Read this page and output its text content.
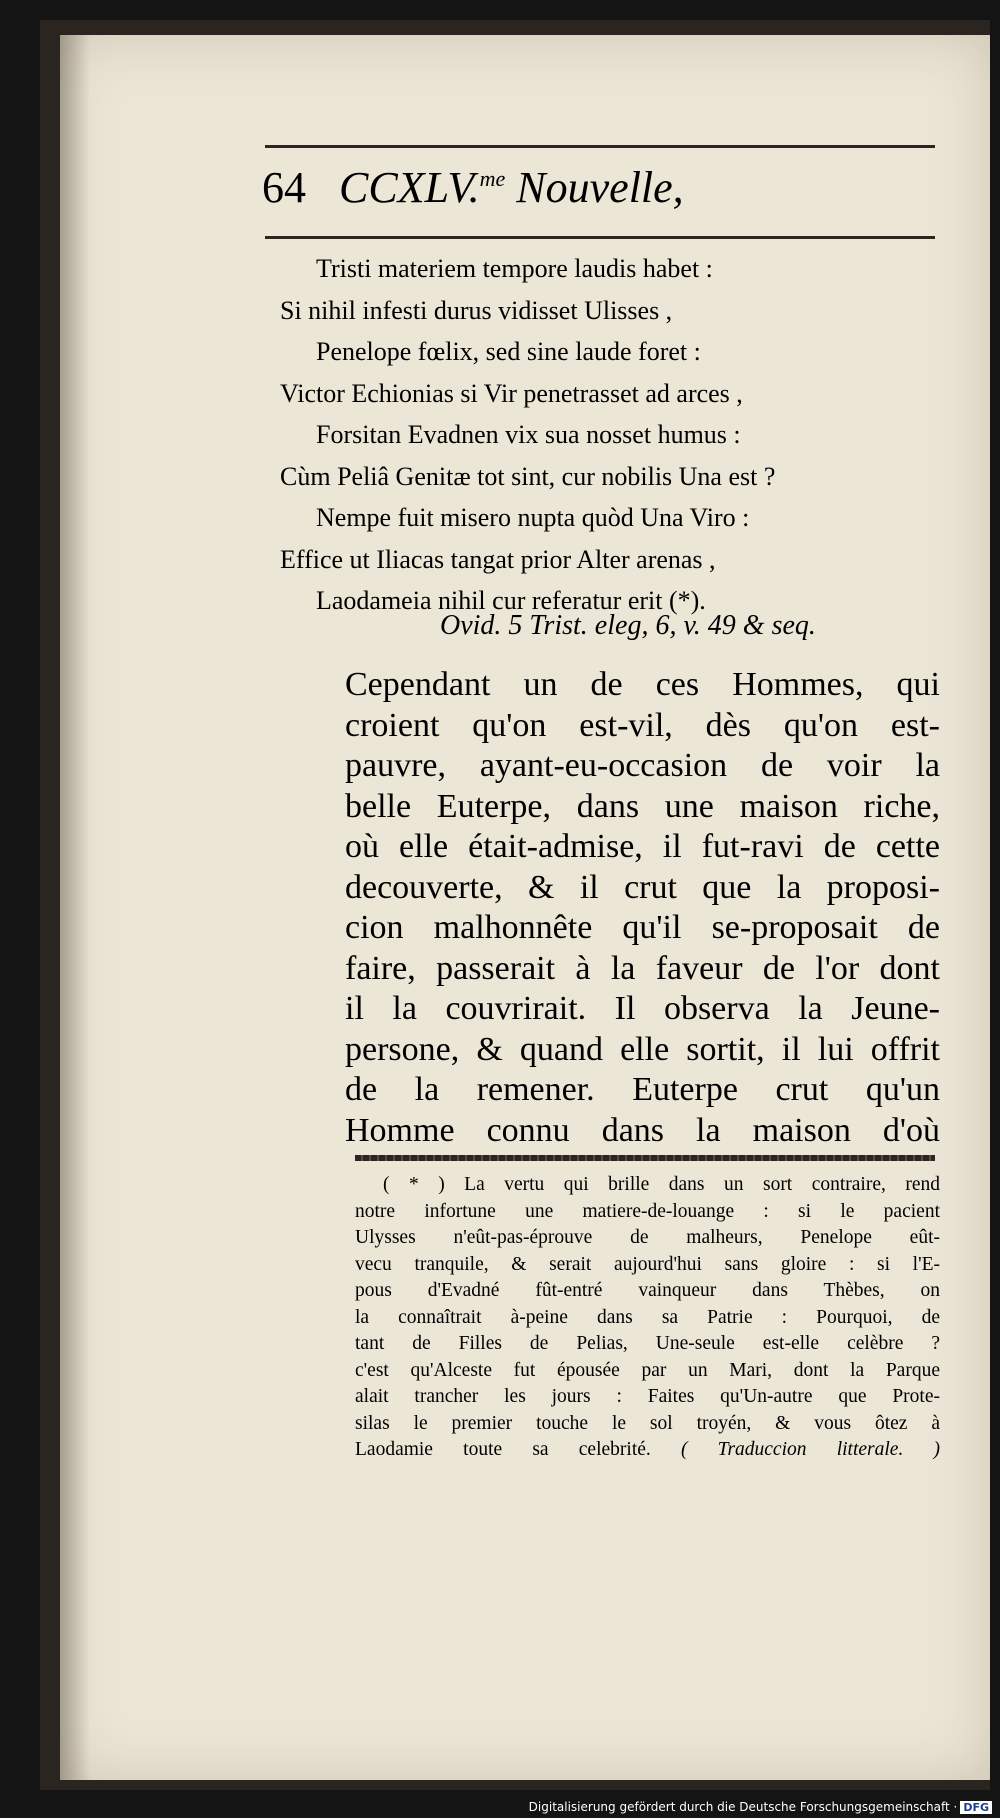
64 CCXLV.$^{me}$ Nouvelle,
Tristi materiem tempore laudis habet :
Si nihil infesti durus vidisset Ulisses ,
Penelope fœlix, sed sine laude foret :
Victor Echionias si Vir penetrasset ad arces ,
Forsitan Evadnen vix sua nosset humus :
Cùm Peliâ Genitæ tot sint, cur nobilis Una est ?
Nempe fuit misero nupta quòd Una Viro :
Effice ut Iliacas tangat prior Alter arenas ,
Laodameia nihil cur referatur erit (*).
Ovid. 5 Trist. eleg, 6, v. 49 & seq.
Cependant un de ces Hommes, qui
croient qu'on est-vil, dès qu'on est-
pauvre, ayant-eu-occasion de voir la
belle Euterpe, dans une maison riche,
où elle était-admise, il fut-ravi de cette
decouverte, & il crut que la proposi-
cion malhonnête qu'il se-proposait de
faire, passerait à la faveur de l'or dont
il la couvrirait. Il observa la Jeune-
persone, & quand elle sortit, il lui offrit
de la remener. Euterpe crut qu'un
Homme connu dans la maison d'où
( * ) La vertu qui brille dans un sort contraire, rend
notre infortune une matiere-de-louange : si le pacient
Ulysses n'eût-pas-éprouve de malheurs, Penelope eût-
vecu tranquile, & serait aujourd'hui sans gloire : si l'E-
pous d'Evadné fût-entré vainqueur dans Thèbes, on
la connaîtrait à-peine dans sa Patrie : Pourquoi, de
tant de Filles de Pelias, Une-seule est-elle celèbre ?
c'est qu'Alceste fut épousée par un Mari, dont la Parque
alait trancher les jours : Faites qu'Un-autre que Prote-
silas le premier touche le sol troyén, & vous ôtez à
Laodamie toute sa celebrité. ( Traduccion litterale. )
Digitalisierung gefördert durch die Deutsche Forschungsgemeinschaft · DFG
